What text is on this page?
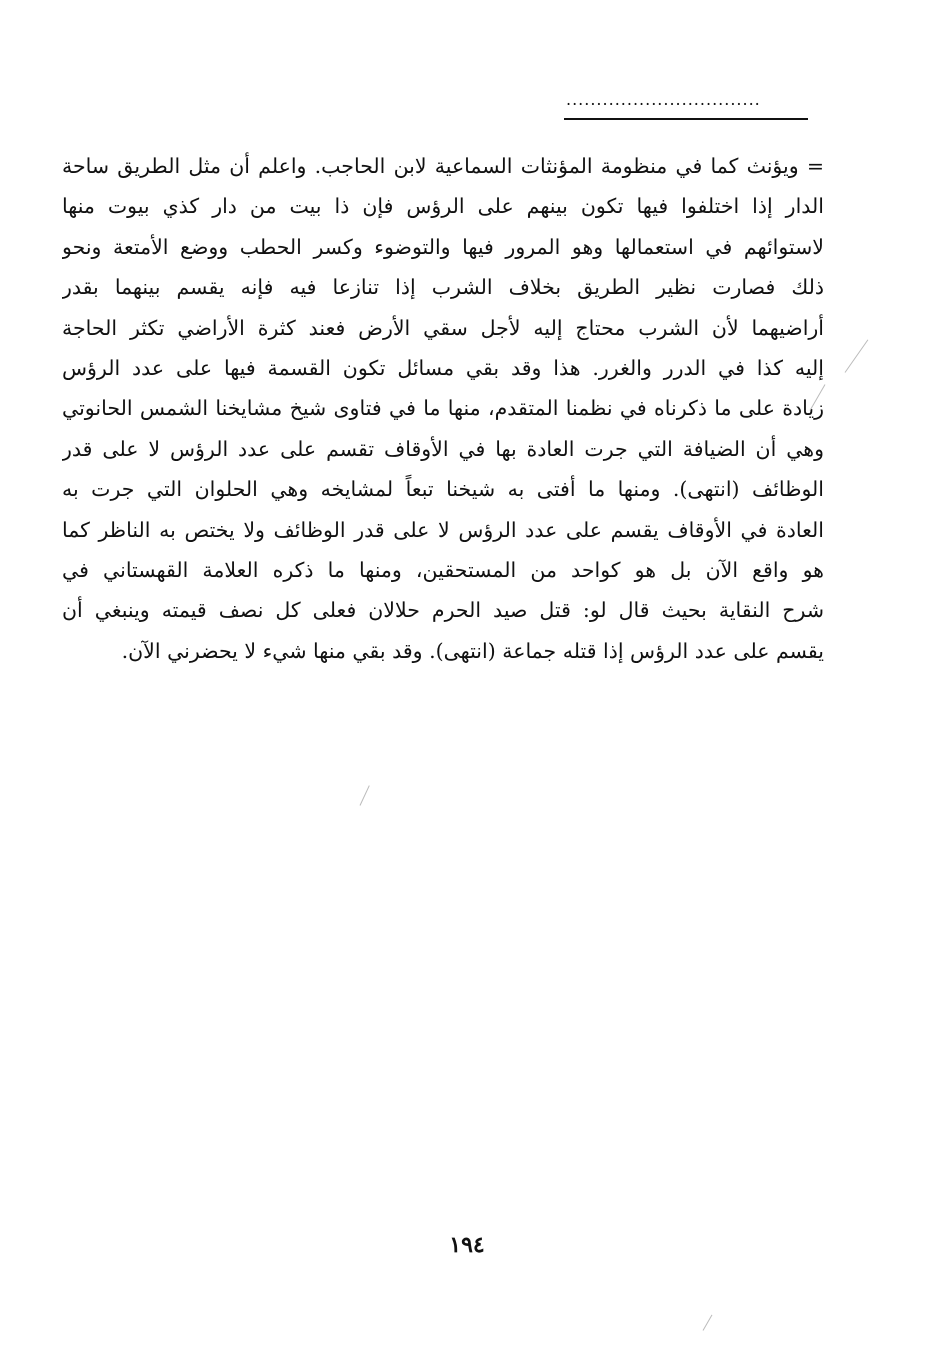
................................
= ويؤنث كما في منظومة المؤنثات السماعية لابن الحاجب. واعلم أن مثل الطريق ساحة
الدار إذا اختلفوا فيها تكون بينهم على الرؤس فإن ذا بيت من دار كذي بيوت منها
لاستوائهم في استعمالها وهو المرور فيها والتوضوء وكسر الحطب ووضع الأمتعة ونحو
ذلك فصارت نظير الطريق بخلاف الشرب إذا تنازعا فيه فإنه يقسم بينهما بقدر
أراضيهما لأن الشرب محتاج إليه لأجل سقي الأرض فعند كثرة الأراضي تكثر الحاجة
إليه كذا في الدرر والغرر. هذا وقد بقي مسائل تكون القسمة فيها على عدد الرؤس
زيادة على ما ذكرناه في نظمنا المتقدم، منها ما في فتاوى شيخ مشايخنا الشمس الحانوتي
وهي أن الضيافة التي جرت العادة بها في الأوقاف تقسم على عدد الرؤس لا على قدر
الوظائف (انتهى). ومنها ما أفتى به شيخنا تبعاً لمشايخه وهي الحلوان التي جرت به
العادة في الأوقاف يقسم على عدد الرؤس لا على قدر الوظائف ولا يختص به الناظر كما
هو واقع الآن بل هو كواحد من المستحقين، ومنها ما ذكره العلامة القهستاني في
شرح النقاية بحيث قال لو: قتل صيد الحرم حلالان فعلى كل نصف قيمته وينبغي أن
يقسم على عدد الرؤس إذا قتله جماعة (انتهى). وقد بقي منها شيء لا يحضرني الآن.
١٩٤
